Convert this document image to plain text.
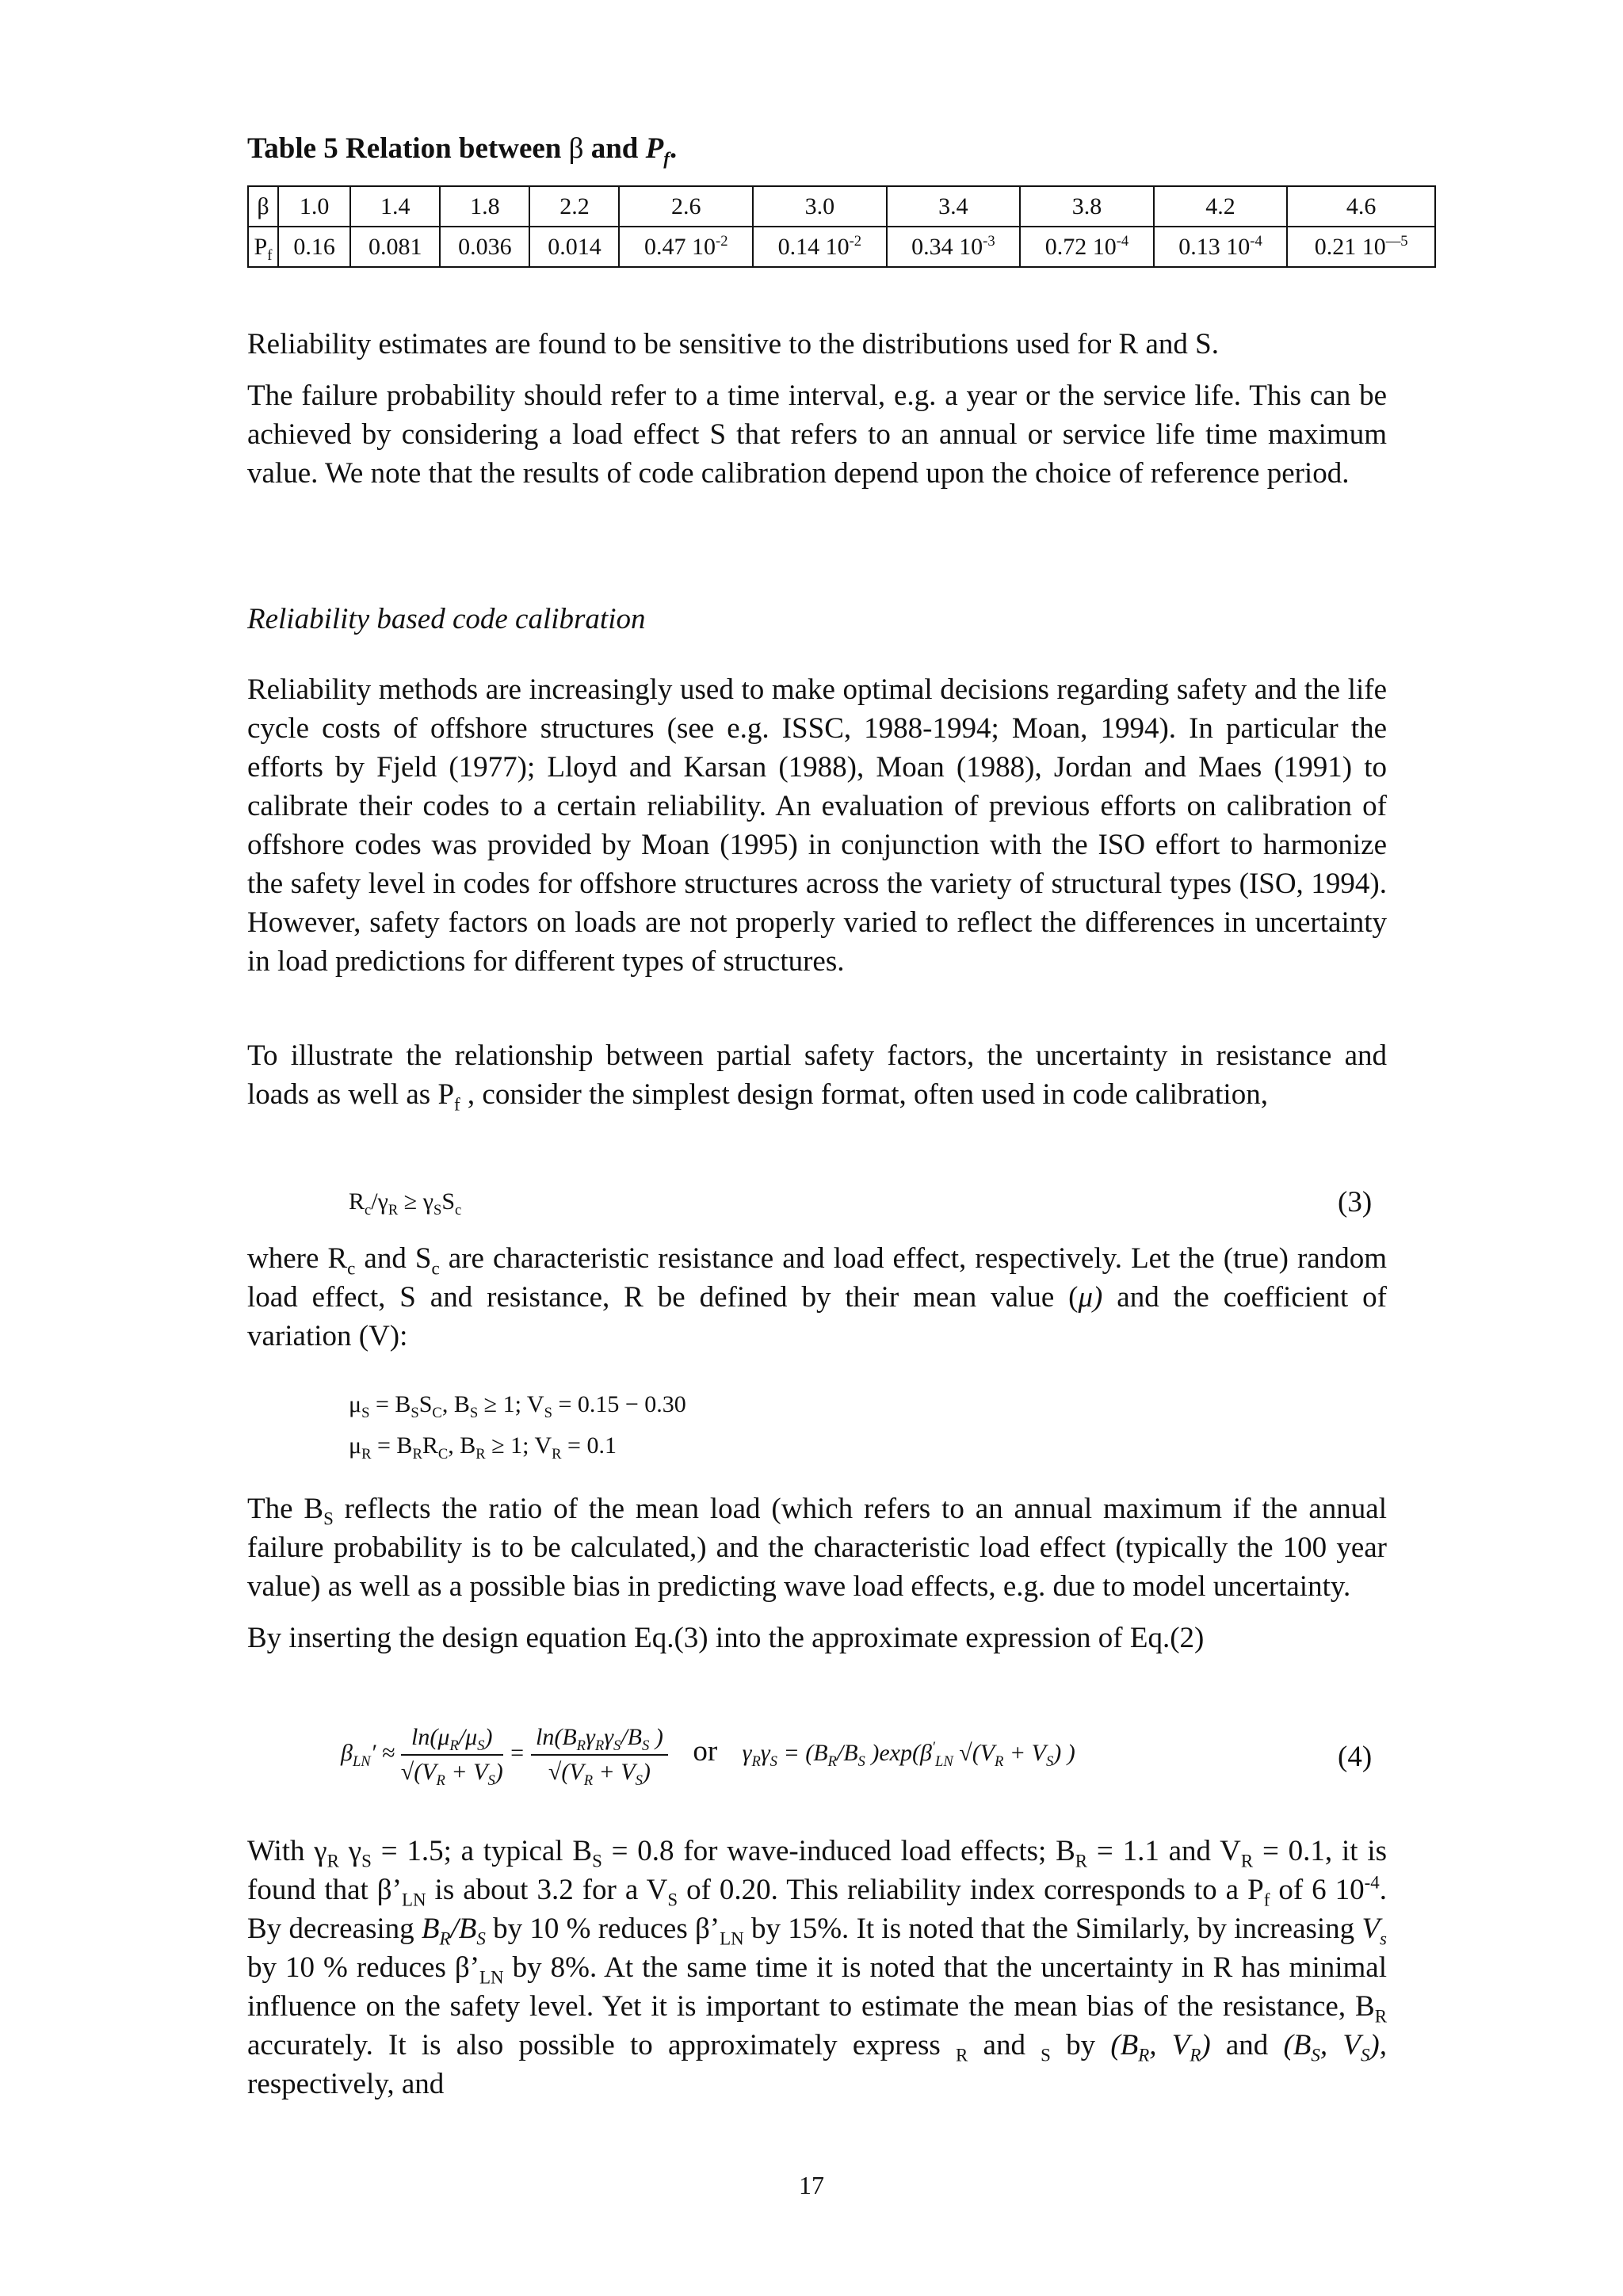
Table 5 Relation between β and $P_f$.
β	1.0	1.4	1.8	2.2	2.6	3.0	3.4	3.8	4.2	4.6
$P_f$	0.16	0.081	0.036	0.014	0.47 $10^{-2}$	0.14 $10^{-2}$	0.34 $10^{-3}$	0.72 $10^{-4}$	0.13 $10^{-4}$	0.21 $10^{—5}$

Reliability estimates are found to be sensitive to the distributions used for R and S.

The failure probability should refer to a time interval, e.g. a year or the service life. This can be achieved by considering a load effect S that refers to an annual or service life time maximum value. We note that the results of code calibration depend upon the choice of reference period.

Reliability based code calibration

Reliability methods are increasingly used to make optimal decisions regarding safety and the life cycle costs of offshore structures (see e.g. ISSC, 1988-1994; Moan, 1994). In particular the efforts by Fjeld (1977); Lloyd and Karsan (1988), Moan (1988), Jordan and Maes (1991) to calibrate their codes to a certain reliability. An evaluation of previous efforts on calibration of offshore codes was provided by Moan (1995) in conjunction with the ISO effort to harmonize the safety level in codes for offshore structures across the variety of structural types (ISO, 1994). However, safety factors on loads are not properly varied to reflect the differences in uncertainty in load predictions for different types of structures.

To illustrate the relationship between partial safety factors, the uncertainty in resistance and loads as well as $P_f$ , consider the simplest design format, often used in code calibration,

$R_c/\gamma_R \ge \gamma_SS_c$	(3)

where $R_c$ and $S_c$ are characteristic resistance and load effect, respectively. Let the (true) random load effect, S and resistance, R be defined by their mean value (μ) and the coefficient of variation (V):

$\mu_S = B_SS_C$, $B_S \ge 1$; $V_S = 0.15 - 0.30$
$\mu_R = B_RR_C$, $B_R \ge 1$; $V_R = 0.1$

The $B_S$ reflects the ratio of the mean load (which refers to an annual maximum if the annual failure probability is to be calculated,) and the characteristic load effect (typically the 100 year value) as well as a possible bias in predicting wave load effects, e.g. due to model uncertainty.

By inserting the design equation Eq.(3) into the approximate expression of Eq.(2)

$\beta_{LN}' \approx \frac{\ln(\mu_R/\mu_S)}{√(V_R + V_S)} = \frac{\ln(B_R\gamma_R\gamma_S/B_S )}{√(V_R + V_S)}$ or $\gamma_R\gamma_S = (B_R/B_S$ )$\exp(\beta'_{LN}$ $√(V_R + V_S)$ )	(4)

With $\gamma_R$ $\gamma_S = 1.5$; a typical $B_S = 0.8$ for wave-induced load effects; $B_R = 1.1$ and $V_R = 0.1$, it is found that $\beta’_{LN}$ is about 3.2 for a $V_S$ of 0.20. This reliability index corresponds to a $P_f$ of 6 $10^{-4}$. By decreasing $B_R/B_S$ by 10 % reduces $\beta’_{LN}$ by 15%. It is noted that the Similarly, by increasing $V_s$ by 10 % reduces $\beta’_{LN}$ by 8%. At the same time it is noted that the uncertainty in R has minimal influence on the safety level. Yet it is important to estimate the mean bias of the resistance, $B_R$ accurately. It is also possible to approximately express $_R$ and $_S$ by ($B_R$, $V_R$) and ($B_S$, $V_S$), respectively, and

17
